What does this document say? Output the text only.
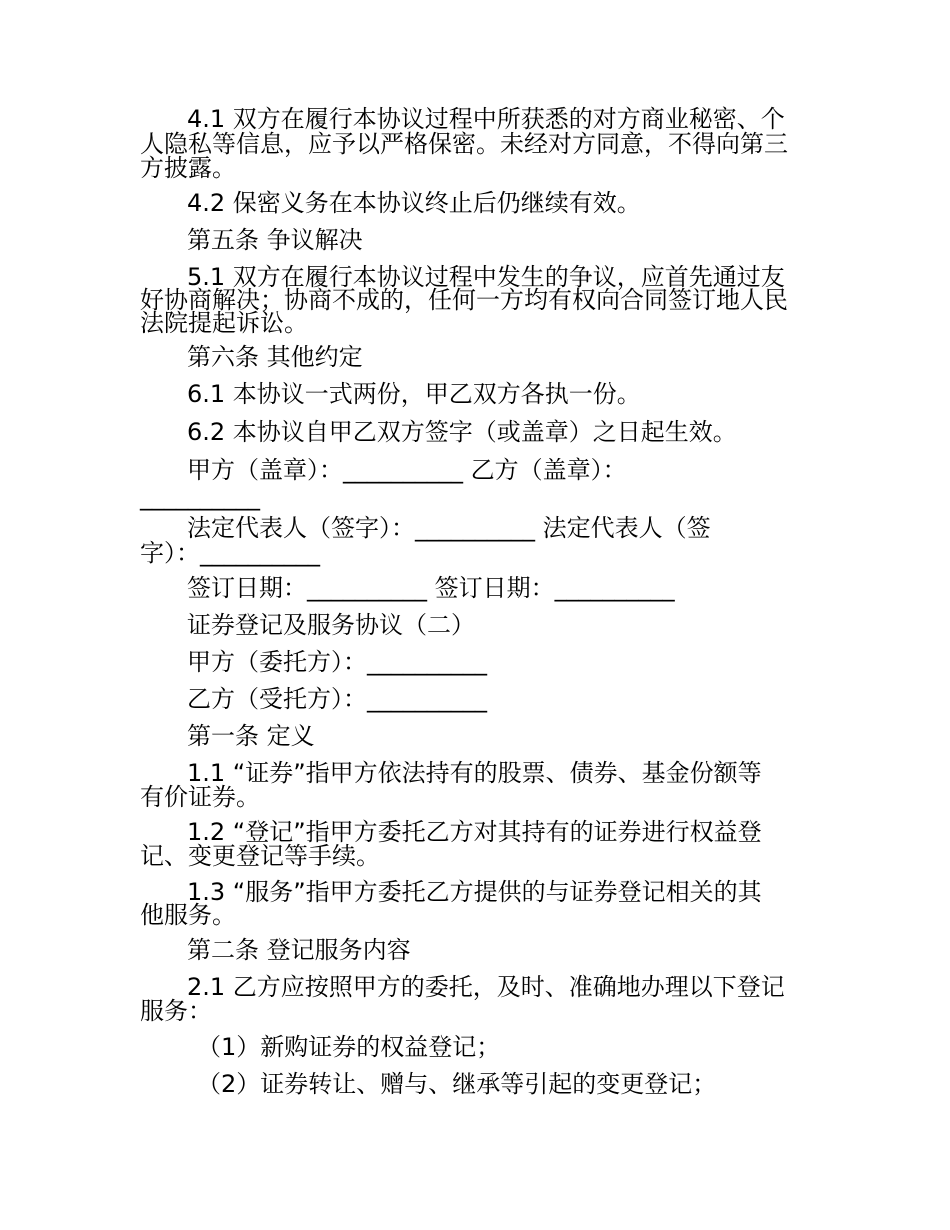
4.1 双方在履行本协议过程中所获悉的对方商业秘密、个
人隐私等信息，应予以严格保密。未经对方同意，不得向第三
方披露。
4.2 保密义务在本协议终止后仍继续有效。
第五条 争议解决
5.1 双方在履行本协议过程中发生的争议，应首先通过友
好协商解决；协商不成的，任何一方均有权向合同签订地人民
法院提起诉讼。
第六条 其他约定
6.1 本协议一式两份，甲乙双方各执一份。
6.2 本协议自甲乙双方签字（或盖章）之日起生效。
甲方（盖章）：__________ 乙方（盖章）：
__________
法定代表人（签字）：__________ 法定代表人（签
字）：__________
签订日期：__________ 签订日期：__________
证券登记及服务协议（二）
甲方（委托方）：__________
乙方（受托方）：__________
第一条 定义
1.1 “证券”指甲方依法持有的股票、债券、基金份额等
有价证券。
1.2 “登记”指甲方委托乙方对其持有的证券进行权益登
记、变更登记等手续。
1.3 “服务”指甲方委托乙方提供的与证券登记相关的其
他服务。
第二条 登记服务内容
2.1 乙方应按照甲方的委托，及时、准确地办理以下登记
服务：
（1）新购证券的权益登记；
（2）证券转让、赠与、继承等引起的变更登记；
